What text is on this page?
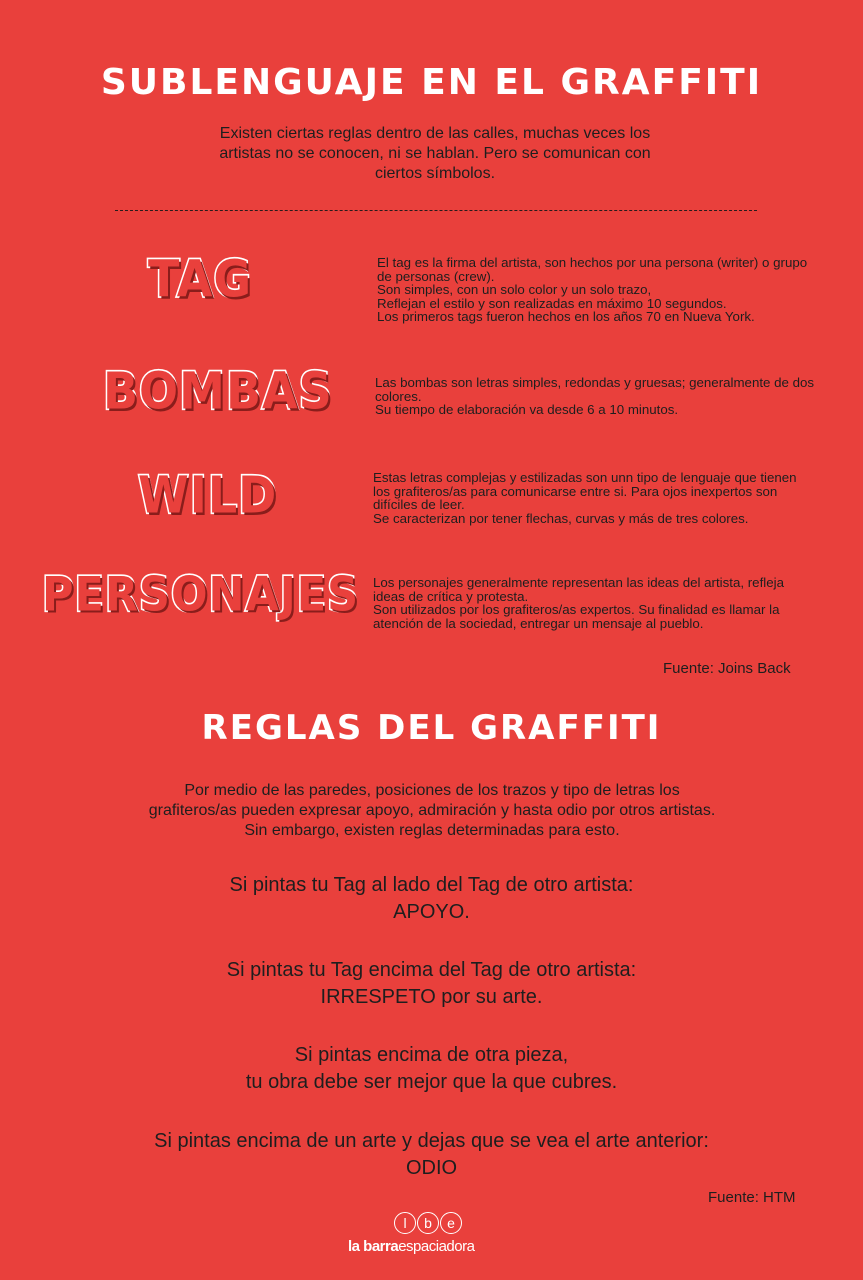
SUBLENGUAJE EN EL GRAFFITI
Existen ciertas reglas dentro de las calles, muchas veces los artistas no se conocen, ni se hablan. Pero se comunican con ciertos símbolos.
TAG	El tag es la firma del artista, son hechos por una persona (writer) o grupo de personas (crew).

Son simples, con un solo color y un solo trazo,

Reflejan el estilo y son realizadas en máximo 10 segundos.

Los primeros tags fueron hechos en los años 70 en Nueva York.

BOMBAS	Las bombas son letras simples, redondas y gruesas; generalmente de dos colores.

Su tiempo de elaboración va desde 6 a 10 minutos.

WILD	Estas letras complejas y estilizadas son unn tipo de lenguaje que tienen los grafiteros/as para comunicarse entre si. Para ojos inexpertos son difíciles de leer.

Se caracterizan por tener flechas, curvas y más de tres colores.

PERSONAJES Los personajes generalmente representan las ideas del artista, refleja ideas de crítica y protesta.

Son utilizados por los grafiteros/as expertos. Su finalidad es llamar la atención de la sociedad, entregar un mensaje al pueblo.

Fuente: Joins Back
REGLAS DEL GRAFFITI
Por medio de las paredes, posiciones de los trazos y tipo de letras los grafiteros/as pueden expresar apoyo, admiración y hasta odio por otros artistas. Sin embargo, existen reglas determinadas para esto.

Si pintas tu Tag al lado del Tag de otro artista:

APOYO.

Si pintas tu Tag encima del Tag de otro artista:

IRRESPETO por su arte.

Si pintas encima de otra pieza,

tu obra debe ser mejor que la que cubres.

Si pintas encima de un arte y dejas que se vea el arte anterior:

ODIO

Fuente: HTM
l	b	e
la barraespaciadora
